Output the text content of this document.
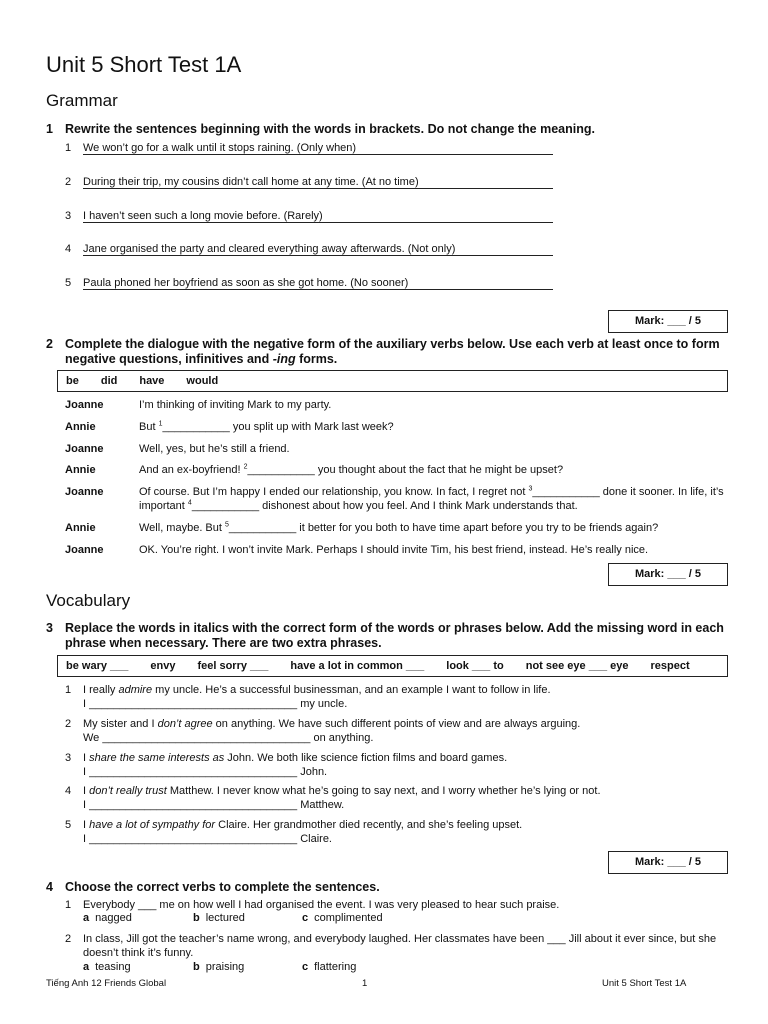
Unit 5 Short Test 1A
Grammar
1 Rewrite the sentences beginning with the words in brackets. Do not change the meaning.
1 We won’t go for a walk until it stops raining. (Only when)
2 During their trip, my cousins didn’t call home at any time. (At no time)
3 I haven’t seen such a long movie before. (Rarely)
4 Jane organised the party and cleared everything away afterwards. (Not only)
5 Paula phoned her boyfriend as soon as she got home. (No sooner)
Mark: ___ / 5
2 Complete the dialogue with the negative form of the auxiliary verbs below. Use each verb at least once to form negative questions, infinitives and -ing forms.
be did have would
Joanne	I’m thinking of inviting Mark to my party.
Annie	But $^1$___________ you split up with Mark last week?
Joanne	Well, yes, but he’s still a friend.
Annie	And an ex-boyfriend! $^2$___________ you thought about the fact that he might be upset?
Joanne	Of course. But I’m happy I ended our relationship, you know. In fact, I regret not $^3$___________ done it sooner. In life, it’s important $^4$___________ dishonest about how you feel. And I think Mark understands that.
Annie	Well, maybe. But $^5$___________ it better for you both to have time apart before you try to be friends again?
Joanne	OK. You’re right. I won’t invite Mark. Perhaps I should invite Tim, his best friend, instead. He’s really nice.
Mark: ___ / 5
Vocabulary
3 Replace the words in italics with the correct form of the words or phrases below. Add the missing word in each phrase when necessary. There are two extra phrases.
be wary ___ envy feel sorry ___ have a lot in common ___ look ___ to not see eye ___ eye respect
1 I really admire my uncle. He’s a successful businessman, and an example I want to follow in life.
I __________________________________ my uncle.
2 My sister and I don’t agree on anything. We have such different points of view and are always arguing.
We __________________________________ on anything.
3 I share the same interests as John. We both like science fiction films and board games.
I __________________________________ John.
4 I don’t really trust Matthew. I never know what he’s going to say next, and I worry whether he’s lying or not.
I __________________________________ Matthew.
5 I have a lot of sympathy for Claire. Her grandmother died recently, and she’s feeling upset.
I __________________________________ Claire.
Mark: ___ / 5
4 Choose the correct verbs to complete the sentences.
1 Everybody ___ me on how well I had organised the event. I was very pleased to hear such praise.
a nagged	b lectured	c complimented
2 In class, Jill got the teacher’s name wrong, and everybody laughed. Her classmates have been ___ Jill about it ever since, but she doesn’t think it’s funny.
a teasing	b praising	c flattering
Tiếng Anh 12 Friends Global	1	Unit 5 Short Test 1A
